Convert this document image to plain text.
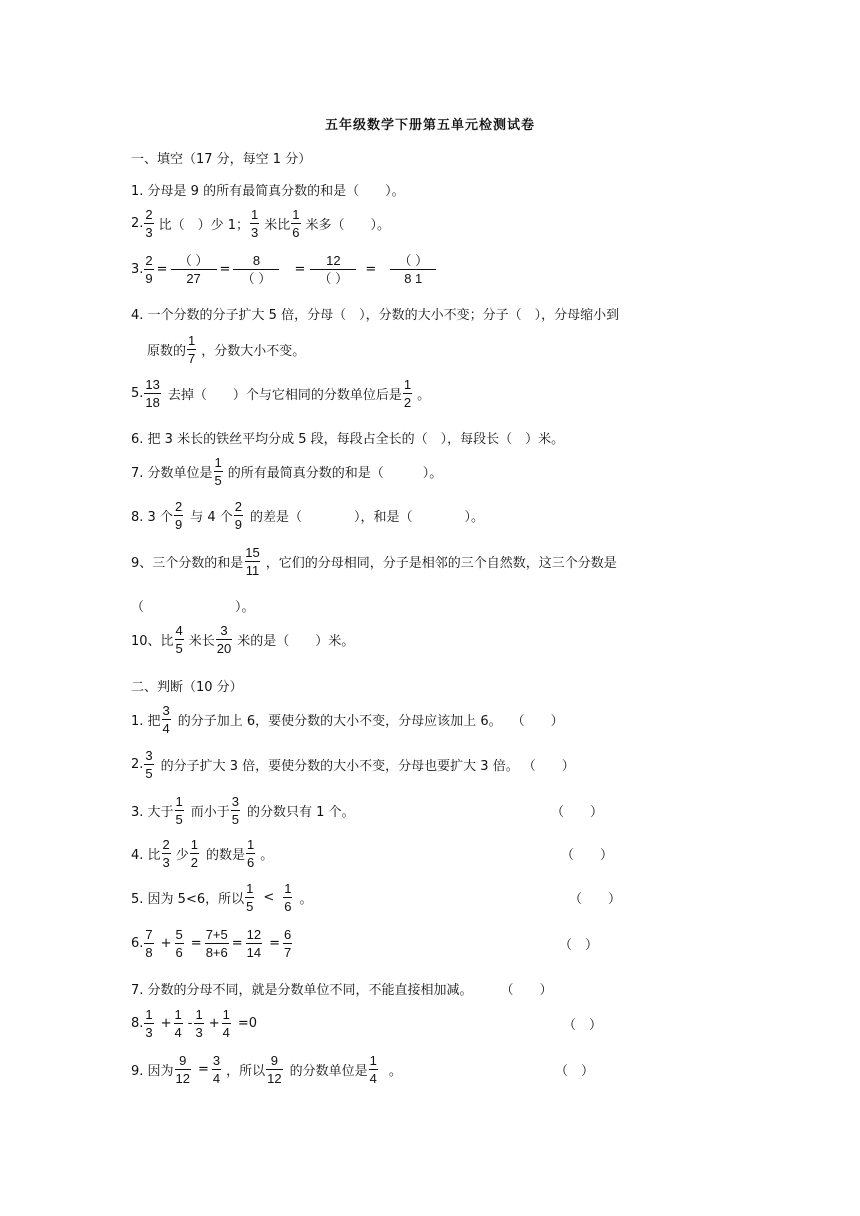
五年级数学下册第五单元检测试卷
一、填空（17 分，每空 1 分）
1. 分母是 9 的所有最简真分数的和是（　　）。
2. $\frac{2}{3}$ 比（　）少 1； $\frac{1}{3}$ 米比 $\frac{1}{6}$ 米多（　　）。
3. $\frac{2}{9} = \frac{( )}{27} = \frac{8}{( )} = \frac{12}{( )} = \frac{( )}{8 1}$
4. 一个分数的分子扩大 5 倍，分母（　），分数的大小不变；分子（　），分母缩小到
原数的 $\frac{1}{7}$ ，分数大小不变。
5. $\frac{13}{18}$ 去掉（　　）个与它相同的分数单位后是 $\frac{1}{2}$ 。
6. 把 3 米长的铁丝平均分成 5 段，每段占全长的（　），每段长（　）米。
7. 分数单位是 $\frac{1}{5}$ 的所有最简真分数的和是（　　　）。
8. 3 个 $\frac{2}{9}$ 与 4 个 $\frac{2}{9}$ 的差是（　　　　），和是（　　　　）。
9、三个分数的和是 $\frac{15}{11}$ ，它们的分母相同，分子是相邻的三个自然数，这三个分数是
（　　　　　　　）。
10、比 $\frac{4}{5}$ 米长 $\frac{3}{20}$ 米的是（　　）米。
二、判断（10 分）
1. 把 $\frac{3}{4}$ 的分子加上 6，要使分数的大小不变，分母应该加上 6。 （　　）
2. $\frac{3}{5}$ 的分子扩大 3 倍，要使分数的大小不变，分母也要扩大 3 倍。 （　　）
3. 大于 $\frac{1}{5}$ 而小于 $\frac{3}{5}$ 的分数只有 1 个。	（　　）
4. 比 $\frac{2}{3}$ 少 $\frac{1}{2}$ 的数是 $\frac{1}{6}$ 。	（　　）
5. 因为 5<6，所以 $\frac{1}{5} < \frac{1}{6}$ 。	（　　）
6. $\frac{7}{8} + \frac{5}{6} = \frac{7+5}{8+6} = \frac{12}{14} = \frac{6}{7}$	（　）
7. 分数的分母不同，就是分数单位不同，不能直接相加减。 （　　）
8. $\frac{1}{3} + \frac{1}{4} - \frac{1}{3} + \frac{1}{4} =0$	（　）
9. 因为 $\frac{9}{12} = \frac{3}{4}$ ，所以 $\frac{9}{12}$ 的分数单位是 $\frac{1}{4}$ 。	（　）
